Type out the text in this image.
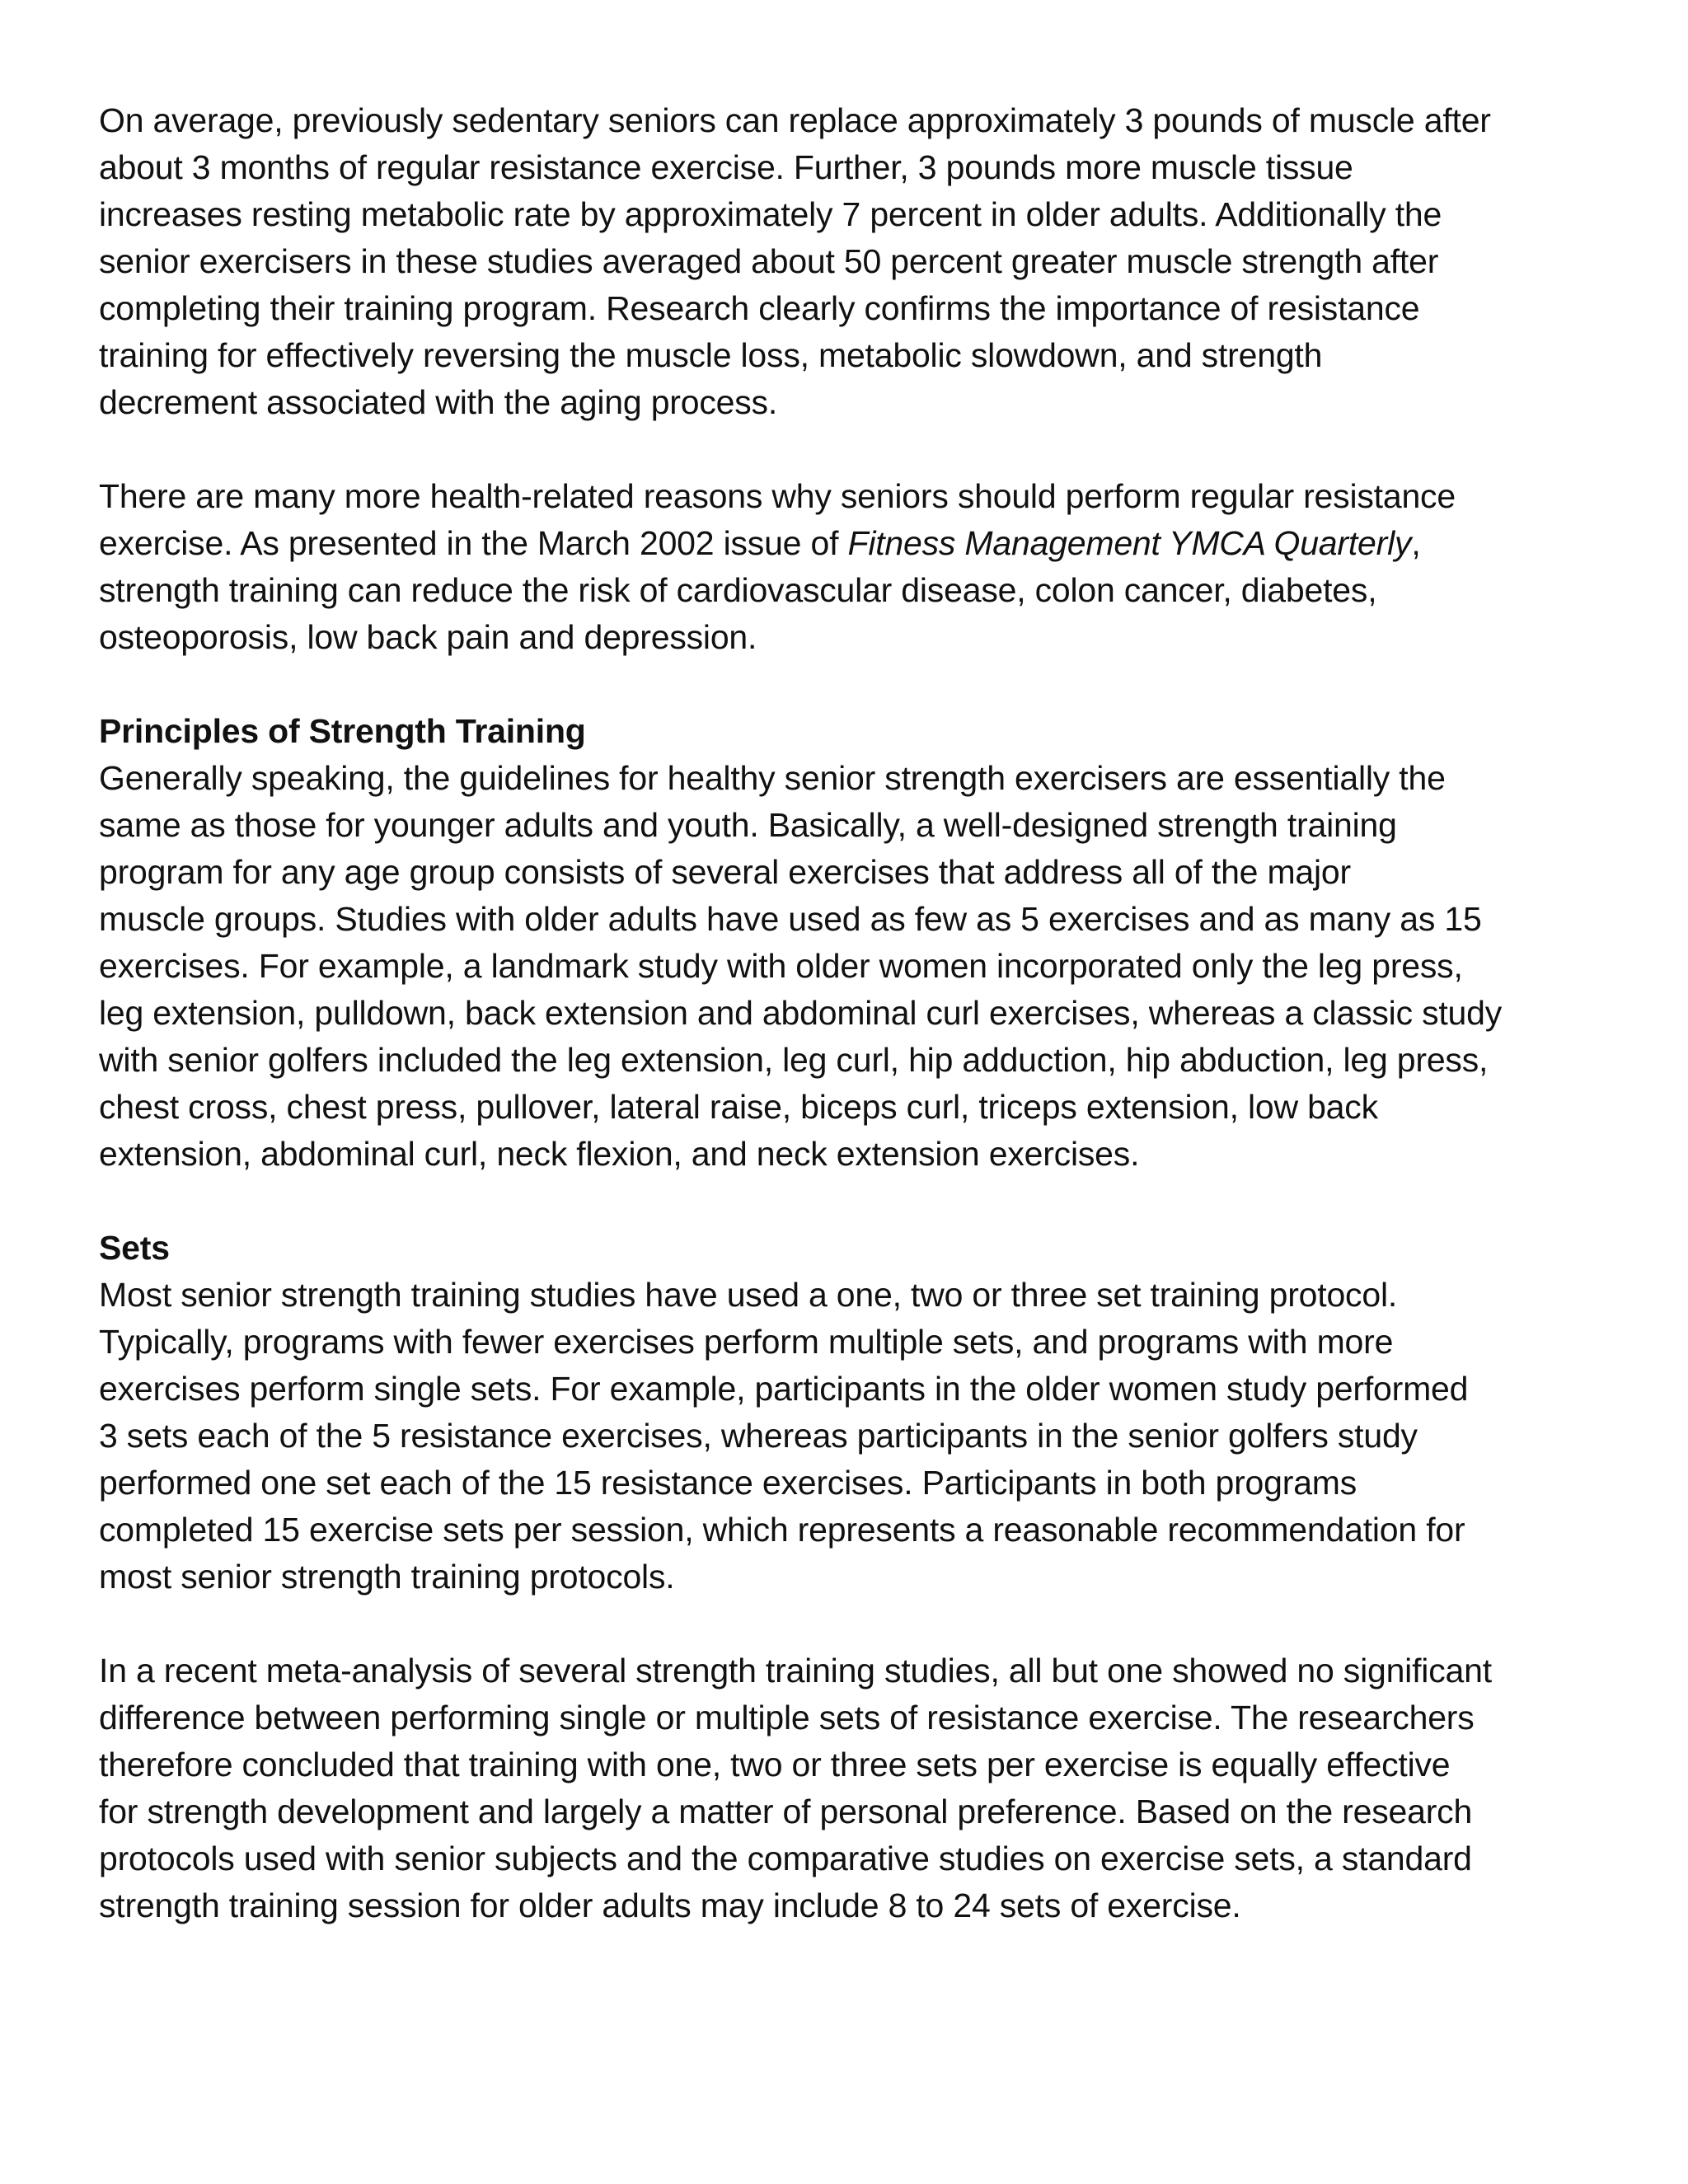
On average, previously sedentary seniors can replace approximately 3 pounds of muscle after
about 3 months of regular resistance exercise. Further, 3 pounds more muscle tissue
increases resting metabolic rate by approximately 7 percent in older adults. Additionally the
senior exercisers in these studies averaged about 50 percent greater muscle strength after
completing their training program. Research clearly confirms the importance of resistance
training for effectively reversing the muscle loss, metabolic slowdown, and strength
decrement associated with the aging process.
There are many more health-related reasons why seniors should perform regular resistance
exercise. As presented in the March 2002 issue of Fitness Management YMCA Quarterly,
strength training can reduce the risk of cardiovascular disease, colon cancer, diabetes,
osteoporosis, low back pain and depression.
Principles of Strength Training
Generally speaking, the guidelines for healthy senior strength exercisers are essentially the
same as those for younger adults and youth. Basically, a well-designed strength training
program for any age group consists of several exercises that address all of the major
muscle groups. Studies with older adults have used as few as 5 exercises and as many as 15
exercises. For example, a landmark study with older women incorporated only the leg press,
leg extension, pulldown, back extension and abdominal curl exercises, whereas a classic study
with senior golfers included the leg extension, leg curl, hip adduction, hip abduction, leg press,
chest cross, chest press, pullover, lateral raise, biceps curl, triceps extension, low back
extension, abdominal curl, neck flexion, and neck extension exercises.
Sets
Most senior strength training studies have used a one, two or three set training protocol.
Typically, programs with fewer exercises perform multiple sets, and programs with more
exercises perform single sets. For example, participants in the older women study performed
3 sets each of the 5 resistance exercises, whereas participants in the senior golfers study
performed one set each of the 15 resistance exercises. Participants in both programs
completed 15 exercise sets per session, which represents a reasonable recommendation for
most senior strength training protocols.
In a recent meta-analysis of several strength training studies, all but one showed no significant
difference between performing single or multiple sets of resistance exercise. The researchers
therefore concluded that training with one, two or three sets per exercise is equally effective
for strength development and largely a matter of personal preference. Based on the research
protocols used with senior subjects and the comparative studies on exercise sets, a standard
strength training session for older adults may include 8 to 24 sets of exercise.
